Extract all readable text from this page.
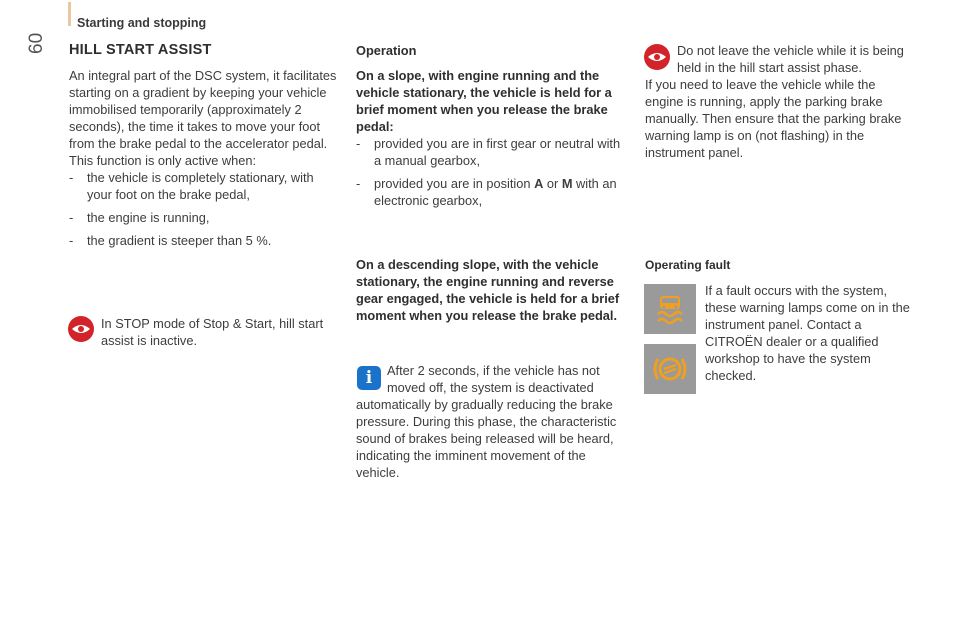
Starting and stopping
60 HILL START ASSIST

An integral part of the DSC system, it facilitates starting on a gradient by keeping your vehicle immobilised temporarily (approximately 2 seconds), the time it takes to move your foot from the brake pedal to the accelerator pedal.

This function is only active when:

- the vehicle is completely stationary, with your foot on the brake pedal,
- the engine is running,
- the gradient is steeper than 5 %.
In STOP mode of Stop & Start, hill start assist is inactive.

Operation

On a slope, with engine running and the vehicle stationary, the vehicle is held for a brief moment when you release the brake pedal:

- provided you are in first gear or neutral with a manual gearbox,
- provided you are in position A or M with an electronic gearbox,
On a descending slope, with the vehicle stationary, the engine running and reverse gear engaged, the vehicle is held for a brief moment when you release the brake pedal.
i	After 2 seconds, if the vehicle has not moved off, the system is deactivated
automatically by gradually reducing the brake pressure. During this phase, the characteristic sound of brakes being released will be heard, indicating the imminent movement of the vehicle.
Do not leave the vehicle while it is being held in the hill start assist phase.
If you need to leave the vehicle while the engine is running, apply the parking brake manually. Then ensure that the parking brake warning lamp is on (not flashing) in the instrument panel.
Operating fault
If a fault occurs with the system, these warning lamps come on in the instrument panel. Contact a CITROËN dealer or a qualified workshop to have the system checked.
